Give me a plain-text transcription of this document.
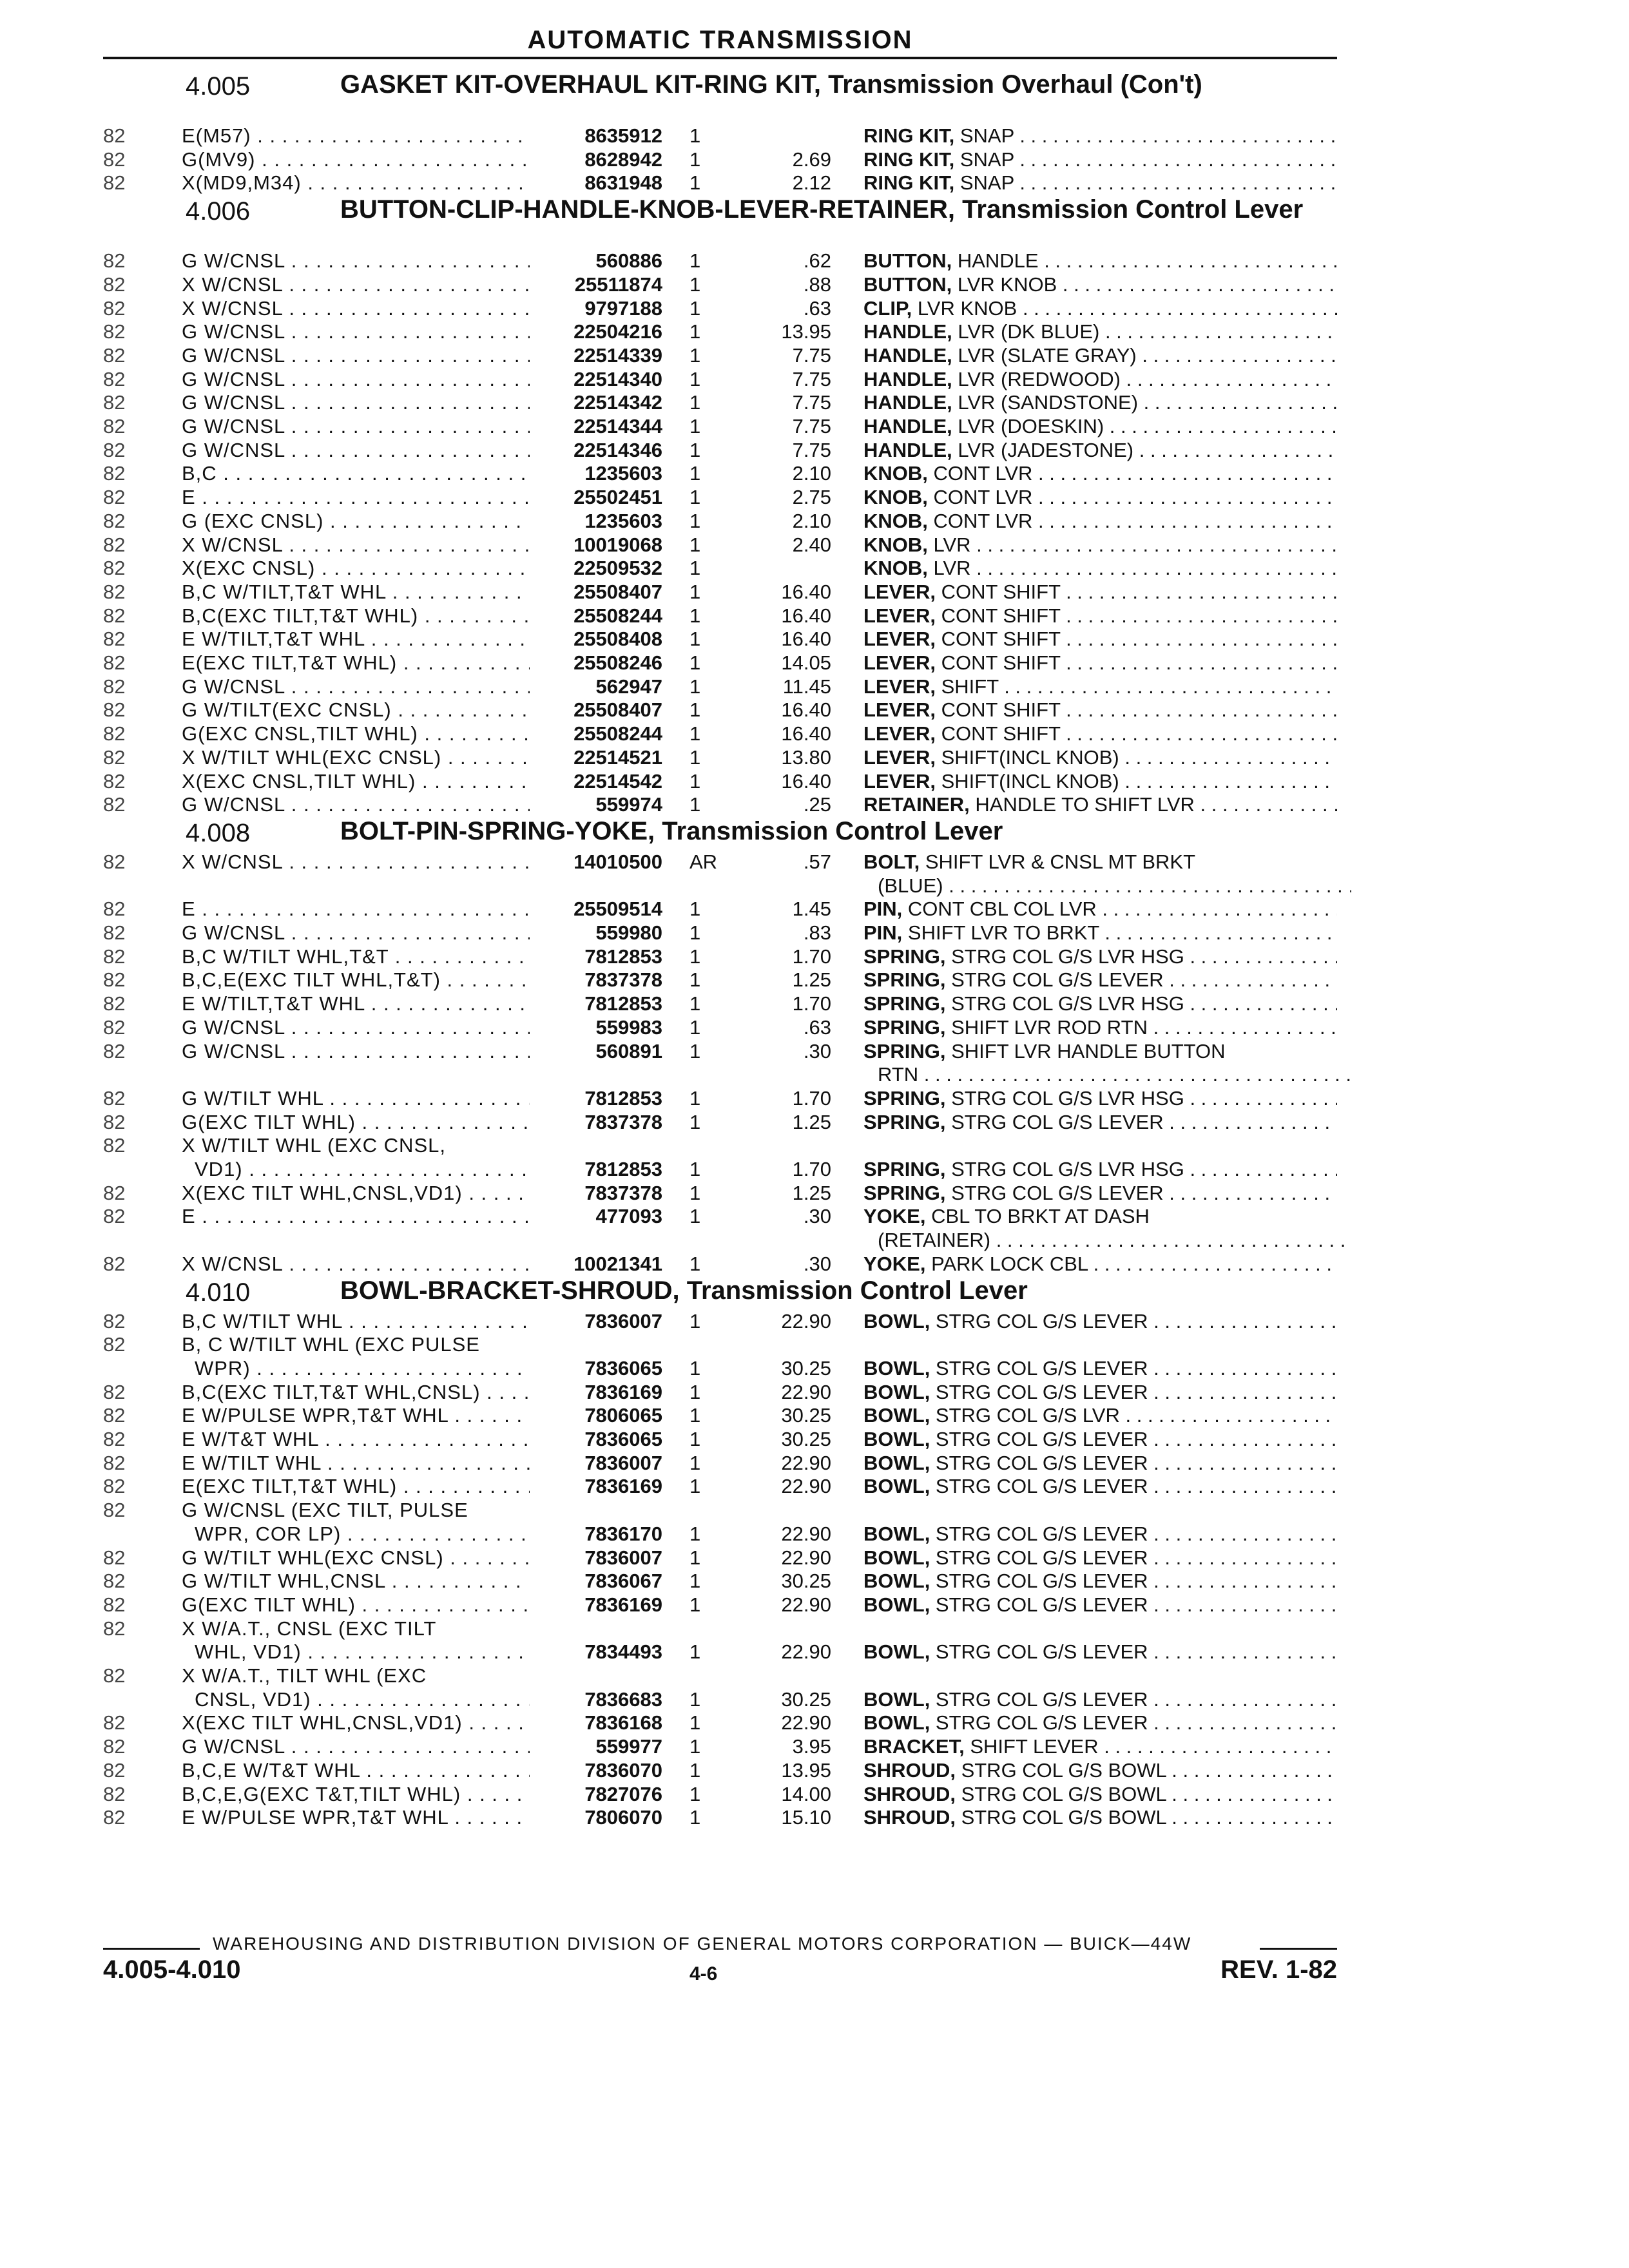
AUTOMATIC TRANSMISSION
4.005	GASKET KIT-OVERHAUL KIT-RING KIT, Transmission Overhaul (Con't)
82	E(M57) . . .	8635912 1	RING KIT, SNAP . . .
82	G(MV9) . . .	8628942 1	2.69 RING KIT, SNAP . . .
82	X(MD9,M34) . . .	8631948 1	2.12 RING KIT, SNAP . . .
4.006	BUTTON-CLIP-HANDLE-KNOB-LEVER-RETAINER, Transmission Control Lever
82	G W/CNSL . . .	560886 1	.62 BUTTON, HANDLE . . .
82	X W/CNSL . . .	25511874 1	.88 BUTTON, LVR KNOB . . .
82	X W/CNSL . . .	9797188 1	.63 CLIP, LVR KNOB . . .
82	G W/CNSL . . .	22504216 1	13.95 HANDLE, LVR (DK BLUE) . . .
82	G W/CNSL . . .	22514339 1	7.75 HANDLE, LVR (SLATE GRAY) . . .
82	G W/CNSL . . .	22514340 1	7.75 HANDLE, LVR (REDWOOD) . . .
82	G W/CNSL . . .	22514342 1	7.75 HANDLE, LVR (SANDSTONE) . . .
82	G W/CNSL . . .	22514344 1	7.75 HANDLE, LVR (DOESKIN) . . .
82	G W/CNSL . . .	22514346 1	7.75 HANDLE, LVR (JADESTONE) . . .
82	B,C . . .	1235603 1	2.10 KNOB, CONT LVR . . .
82	E . . .	25502451 1	2.75 KNOB, CONT LVR . . .
82	G (EXC CNSL) . . .	1235603 1	2.10 KNOB, CONT LVR . . .
82	X W/CNSL . . .	10019068 1	2.40 KNOB, LVR . . .
82	X(EXC CNSL) . . .	22509532 1	KNOB, LVR . . .
82	B,C W/TILT,T&T WHL . . .	25508407 1	16.40 LEVER, CONT SHIFT . . .
82	B,C(EXC TILT,T&T WHL) . . .	25508244 1	16.40 LEVER, CONT SHIFT . . .
82	E W/TILT,T&T WHL . . .	25508408 1	16.40 LEVER, CONT SHIFT . . .
82	E(EXC TILT,T&T WHL) . . .	25508246 1	14.05 LEVER, CONT SHIFT . . .
82	G W/CNSL . . .	562947 1	11.45 LEVER, SHIFT . . .
82	G W/TILT(EXC CNSL) . . .	25508407 1	16.40 LEVER, CONT SHIFT . . .
82	G(EXC CNSL,TILT WHL) . . .	25508244 1	16.40 LEVER, CONT SHIFT . . .
82	X W/TILT WHL(EXC CNSL) . . .	22514521 1	13.80 LEVER, SHIFT(INCL KNOB) . . .
82	X(EXC CNSL,TILT WHL) . . .	22514542 1	16.40 LEVER, SHIFT(INCL KNOB) . . .
82	G W/CNSL . . .	559974 1	.25 RETAINER, HANDLE TO SHIFT LVR . . .
4.008	BOLT-PIN-SPRING-YOKE, Transmission Control Lever
82	X W/CNSL . . .	14010500 AR	.57 BOLT, SHIFT LVR & CNSL MT BRKT
(BLUE) . . .
82	E . . .	25509514 1	1.45 PIN, CONT CBL COL LVR . . .
82	G W/CNSL . . .	559980 1	.83 PIN, SHIFT LVR TO BRKT . . .
82	B,C W/TILT WHL,T&T . . .	7812853 1	1.70 SPRING, STRG COL G/S LVR HSG . . .
82	B,C,E(EXC TILT WHL,T&T) . . .	7837378 1	1.25 SPRING, STRG COL G/S LEVER . . .
82	E W/TILT,T&T WHL . . .	7812853 1	1.70 SPRING, STRG COL G/S LVR HSG . . .
82	G W/CNSL . . .	559983 1	.63 SPRING, SHIFT LVR ROD RTN . . .
82	G W/CNSL . . .	560891 1	.30 SPRING, SHIFT LVR HANDLE BUTTON
RTN . . .
82	G W/TILT WHL . . .	7812853 1	1.70 SPRING, STRG COL G/S LVR HSG . . .
82	G(EXC TILT WHL) . . .	7837378 1	1.25 SPRING, STRG COL G/S LEVER . . .
82	X W/TILT WHL (EXC CNSL,
VD1) . . .	7812853 1	1.70 SPRING, STRG COL G/S LVR HSG . . .
82	X(EXC TILT WHL,CNSL,VD1) . . .	7837378 1	1.25 SPRING, STRG COL G/S LEVER . . .
82	E . . .	477093 1	.30 YOKE, CBL TO BRKT AT DASH
(RETAINER) . . .
82	X W/CNSL . . .	10021341 1	.30 YOKE, PARK LOCK CBL . . .
4.010	BOWL-BRACKET-SHROUD, Transmission Control Lever
82	B,C W/TILT WHL . . .	7836007 1	22.90 BOWL, STRG COL G/S LEVER . . .
82	B, C W/TILT WHL (EXC PULSE
WPR) . . .	7836065 1	30.25 BOWL, STRG COL G/S LEVER . . .
82	B,C(EXC TILT,T&T WHL,CNSL) . . .	7836169 1	22.90 BOWL, STRG COL G/S LEVER . . .
82	E W/PULSE WPR,T&T WHL . . .	7806065 1	30.25 BOWL, STRG COL G/S LVR . . .
82	E W/T&T WHL . . .	7836065 1	30.25 BOWL, STRG COL G/S LEVER . . .
82	E W/TILT WHL . . .	7836007 1	22.90 BOWL, STRG COL G/S LEVER . . .
82	E(EXC TILT,T&T WHL) . . .	7836169 1	22.90 BOWL, STRG COL G/S LEVER . . .
82	G W/CNSL (EXC TILT, PULSE
WPR, COR LP) . . .	7836170 1	22.90 BOWL, STRG COL G/S LEVER . . .
82	G W/TILT WHL(EXC CNSL) . . .	7836007 1	22.90 BOWL, STRG COL G/S LEVER . . .
82	G W/TILT WHL,CNSL . . .	7836067 1	30.25 BOWL, STRG COL G/S LEVER . . .
82	G(EXC TILT WHL) . . .	7836169 1	22.90 BOWL, STRG COL G/S LEVER . . .
82	X W/A.T., CNSL (EXC TILT
WHL, VD1) . . .	7834493 1	22.90 BOWL, STRG COL G/S LEVER . . .
82	X W/A.T., TILT WHL (EXC
CNSL, VD1) . . .	7836683 1	30.25 BOWL, STRG COL G/S LEVER . . .
82	X(EXC TILT WHL,CNSL,VD1) . . .	7836168 1	22.90 BOWL, STRG COL G/S LEVER . . .
82	G W/CNSL . . .	559977 1	3.95 BRACKET, SHIFT LEVER . . .
82	B,C,E W/T&T WHL . . .	7836070 1	13.95 SHROUD, STRG COL G/S BOWL . . .
82	B,C,E,G(EXC T&T,TILT WHL) . . .	7827076 1	14.00 SHROUD, STRG COL G/S BOWL . . .
82	E W/PULSE WPR,T&T WHL . . .	7806070 1	15.10 SHROUD, STRG COL G/S BOWL . . .
WAREHOUSING AND DISTRIBUTION DIVISION OF GENERAL MOTORS CORPORATION — BUICK—44W
4.005-4.010	4-6	REV. 1-82
